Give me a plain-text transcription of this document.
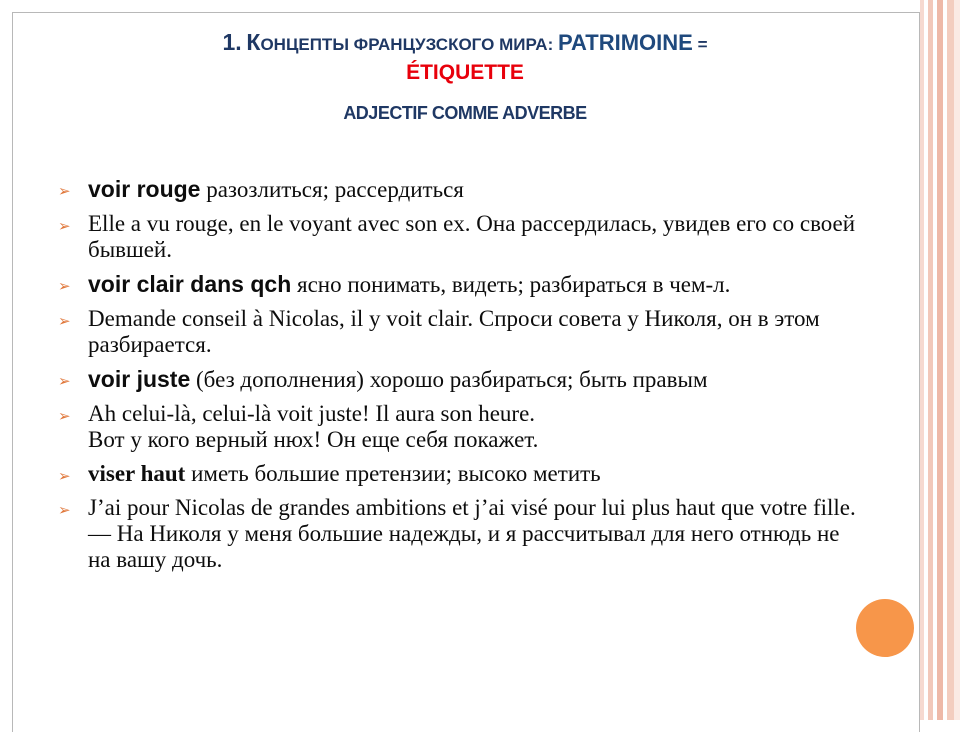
1. КОНЦЕПТЫ ФРАНЦУЗСКОГО МИРА: PATRIMOINE =
ÉTIQUETTE
ADJECTIF COMME ADVERBE
➢ voir rouge разозлиться; рассердиться
➢ Elle a vu rouge, en le voyant avec son ex. Она рассердилась, увидев его со своей бывшей.
➢ voir clair dans qch ясно понимать, видеть; разбираться в чем-л.
➢ Demande conseil à Nicolas, il y voit clair. Спроси совета у Николя, он в этом разбирается.
➢ voir juste (без дополнения) хорошо разбираться; быть правым
➢ Ah celui-là, celui-là voit juste! Il aura son heure.
Вот у кого верный нюх! Он еще себя покажет.
➢ viser haut иметь большие претензии; высоко метить
➢ J’ai pour Nicolas de grandes ambitions et j’ai visé pour lui plus haut que votre fille. — На Николя у меня большие надежды, и я рассчитывал для него отнюдь не на вашу дочь.
